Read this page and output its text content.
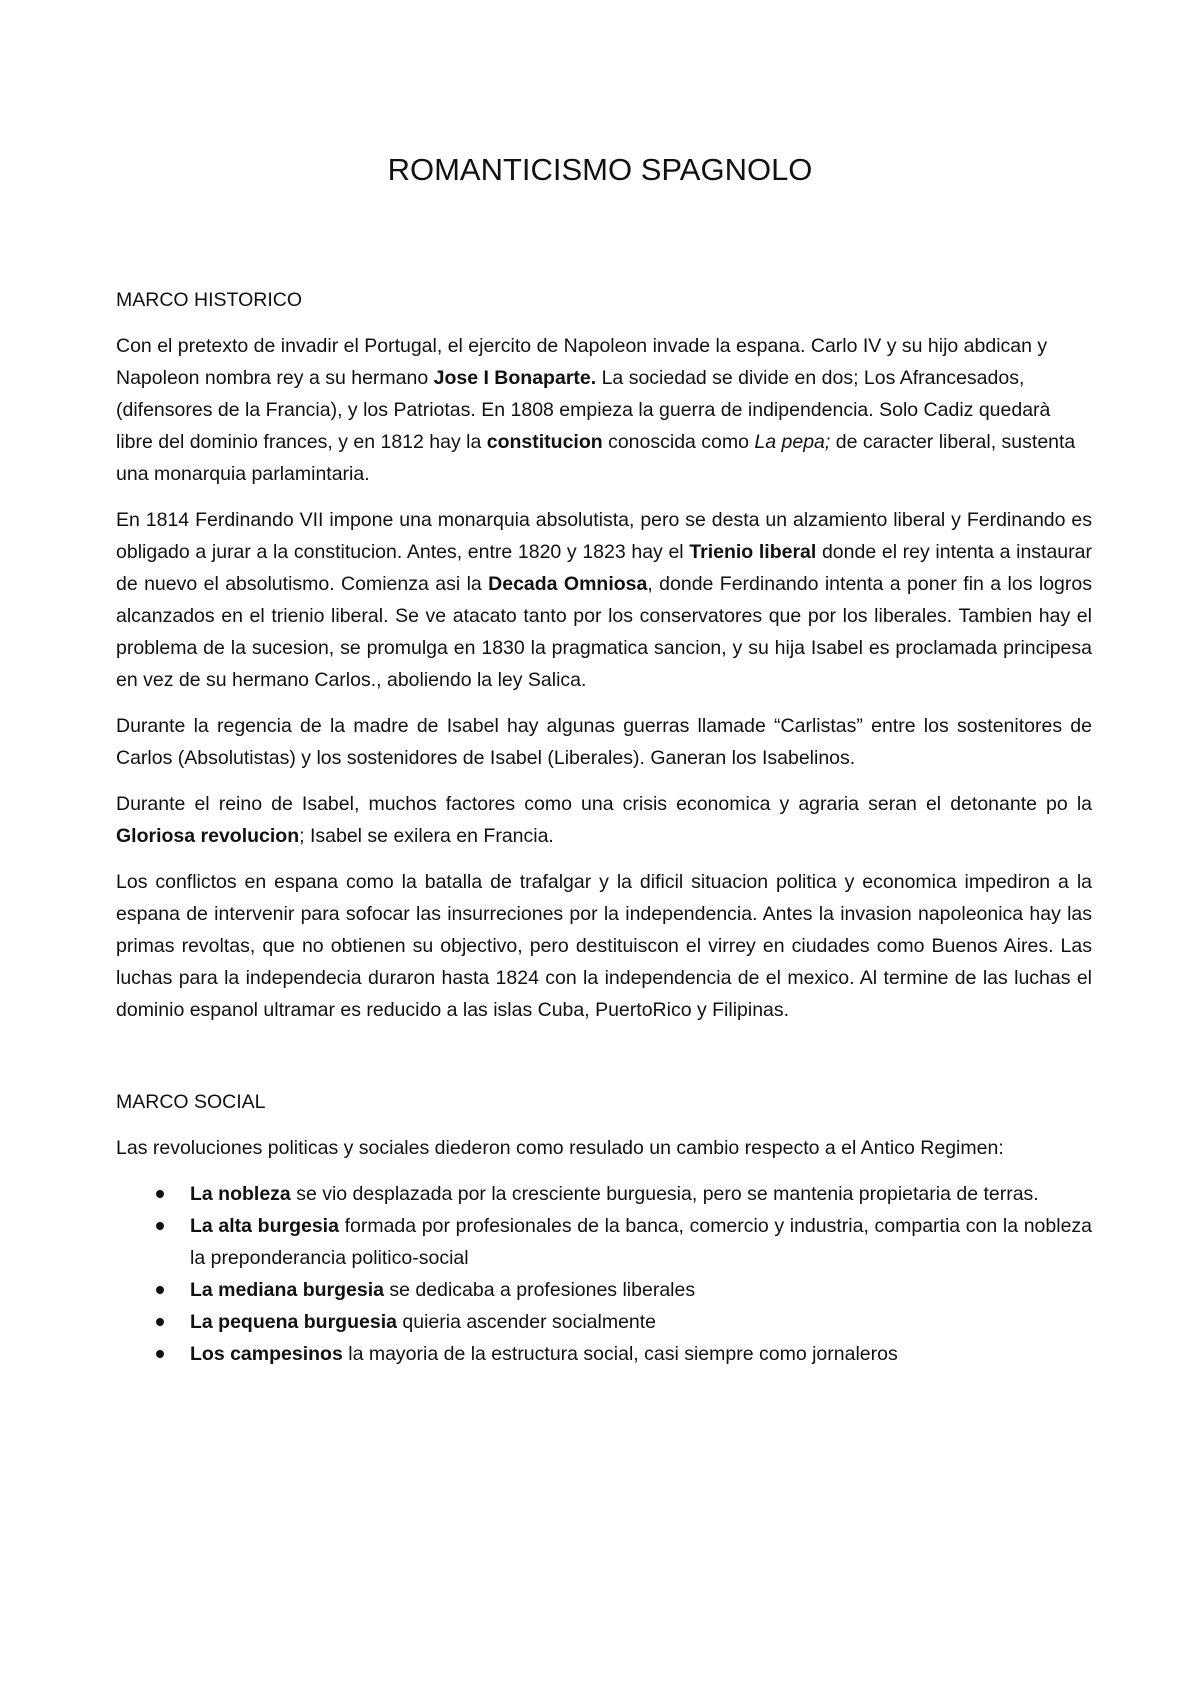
ROMANTICISMO SPAGNOLO
MARCO HISTORICO
Con el pretexto de invadir el Portugal, el ejercito de Napoleon invade la espana. Carlo IV y su hijo abdican y Napoleon nombra rey a su hermano Jose I Bonaparte. La sociedad se divide en dos; Los Afrancesados, (difensores de la Francia), y los Patriotas. En 1808 empieza la guerra de indipendencia. Solo Cadiz quedarà libre del dominio frances, y en 1812 hay la constitucion conoscida como La pepa; de caracter liberal, sustenta una monarquia parlamintaria.
En 1814 Ferdinando VII impone una monarquia absolutista, pero se desta un alzamiento liberal y Ferdinando es obligado a jurar a la constitucion. Antes, entre 1820 y 1823 hay el Trienio liberal donde el rey intenta a instaurar de nuevo el absolutismo. Comienza asi la Decada Omniosa, donde Ferdinando intenta a poner fin a los logros alcanzados en el trienio liberal. Se ve atacato tanto por los conservatores que por los liberales. Tambien hay el problema de la sucesion, se promulga en 1830 la pragmatica sancion, y su hija Isabel es proclamada principesa en vez de su hermano Carlos., aboliendo la ley Salica.
Durante la regencia de la madre de Isabel hay algunas guerras llamade “Carlistas” entre los sostenitores de Carlos (Absolutistas) y los sostenidores de Isabel (Liberales). Ganeran los Isabelinos.
Durante el reino de Isabel, muchos factores como una crisis economica y agraria seran el detonante po la Gloriosa revolucion; Isabel se exilera en Francia.
Los conflictos en espana como la batalla de trafalgar y la dificil situacion politica y economica impediron a la espana de intervenir para sofocar las insurreciones por la independencia. Antes la invasion napoleonica hay las primas revoltas, que no obtienen su objectivo, pero destituiscon el virrey en ciudades como Buenos Aires. Las luchas para la independecia duraron hasta 1824 con la independencia de el mexico. Al termine de las luchas el dominio espanol ultramar es reducido a las islas Cuba, PuertoRico y Filipinas.
MARCO SOCIAL
Las revoluciones politicas y sociales diederon como resulado un cambio respecto a el Antico Regimen:
La nobleza se vio desplazada por la cresciente burguesia, pero se mantenia propietaria de terras.
La alta burgesia formada por profesionales de la banca, comercio y industria, compartia con la nobleza la preponderancia politico-social
La mediana burgesia se dedicaba a profesiones liberales
La pequena burguesia quieria ascender socialmente
Los campesinos la mayoria de la estructura social, casi siempre como jornaleros
